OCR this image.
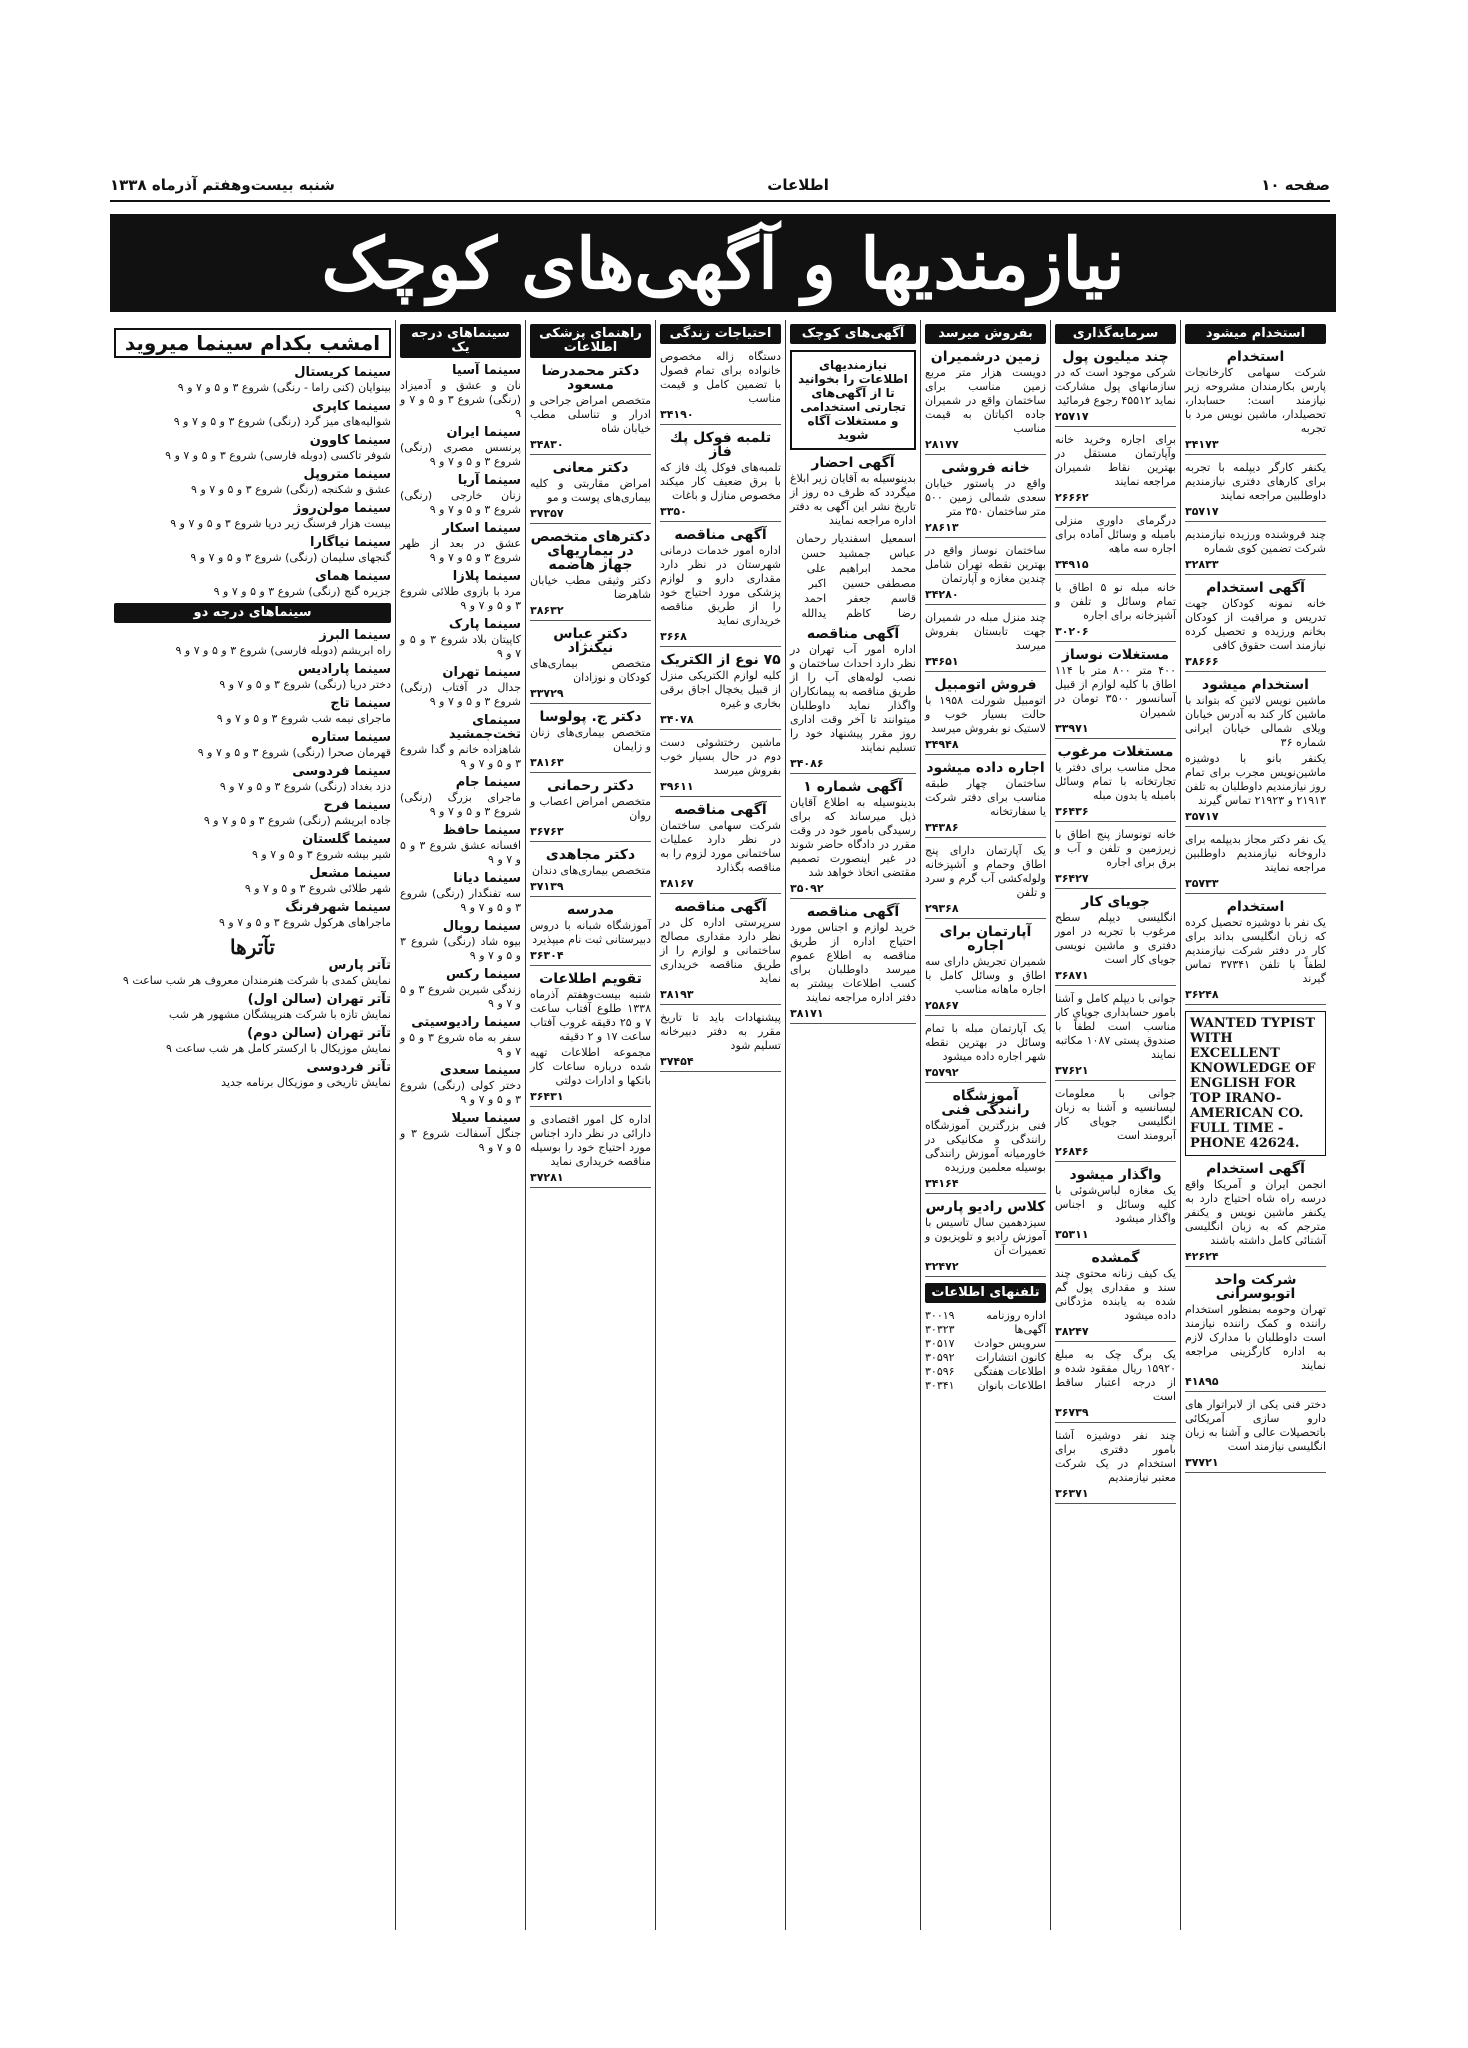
صفحه ۱۰
اطلاعات
شنبه بیست‌وهفتم آذرماه ۱۳۳۸
نیازمندیها و آگهی‌های کوچک
استخدام میشود
استخدام
شرکت سهامی کارخانجات پارس بکارمندان مشروحه زیر نیازمند است: حسابدار، تحصیلدار، ماشین نویس مرد با تجربه
۳۴۱۷۳
یکنفر کارگر دیپلمه با تجربه برای کارهای دفتری نیازمندیم داوطلبین مراجعه نمایند
۳۵۷۱۷
چند فروشنده ورزیده نیازمندیم شرکت تضمین کوی شماره
۳۲۸۳۳
آگهی استخدام
خانه نمونه کودکان جهت تدریس و مراقبت از کودکان بخانم ورزیده و تحصیل کرده نیازمند است حقوق کافی
۳۸۶۶۶
استخدام میشود
ماشین نویس لاتین که بتواند با ماشین کار کند به آدرس خیابان ویلای شمالی خیابان ایرانی شماره ۳۶
یکنفر بانو با دوشیزه ماشین‌نویس مجرب برای تمام روز نیازمندیم داوطلبان به تلفن ۲۱۹۱۳ و ۲۱۹۲۳ تماس گیرند
۳۵۷۱۷
یک نفر دکتر مجاز بدیپلمه برای داروخانه نیازمندیم داوطلبین مراجعه نمایند
۳۵۷۳۳
استخدام
یک نفر با دوشیزه تحصیل کرده که زبان انگلیسی بداند برای کار در دفتر شرکت نیازمندیم لطفاً با تلفن ۳۷۳۴۱ تماس گیرند
۳۶۲۴۸
WANTED TYPIST WITH EXCELLENT KNOWLEDGE OF ENGLISH FOR TOP IRANO-AMERICAN CO. FULL TIME - PHONE 42624.
آگهی استخدام
انجمن ایران و آمریکا واقع درسه راه شاه احتیاج دارد به یکنفر ماشین نویس و یکنفر مترجم که به زبان انگلیسی آشنائی کامل داشته باشند
۴۲۶۲۴
شرکت واحد اتوبوسرانی
تهران وحومه بمنظور استخدام راننده و کمک راننده نیازمند است داوطلبان با مدارک لازم به اداره کارگزینی مراجعه نمایند
۴۱۸۹۵
دختر فنی یکی از لابراتوار های دارو سازی آمریکائی باتحصیلات عالی و آشنا به زبان انگلیسی نیازمند است
۳۷۷۲۱
سرمایه‌گذاری
چند میلیون پول
شرکی موجود است که در سازمانهای پول مشارکت نماید ۴۵۵۱۲ رجوع فرمائید
۲۵۷۱۷
برای اجاره وخرید خانه وآپارتمان مستقل در بهترین نقاط شمیران مراجعه نمایند
۲۶۶۶۲
درگرمای داوری منزلی بامبله و وسائل آماده برای اجاره سه ماهه
۳۴۹۱۵
خانه مبله نو ۵ اطاق با تمام وسائل و تلفن و آشپزخانه برای اجاره
۳۰۲۰۶
مستغلات نوساز
۴۰۰ متر ۸۰۰ متر با ۱۱۴ اطاق با کلیه لوازم از قبیل آسانسور ۳۵۰۰ تومان در شمیران
۳۳۹۷۱
مستغلات مرغوب
محل مناسب برای دفتر یا تجارتخانه با تمام وسائل بامبله یا بدون مبله
۳۶۴۳۶
خانه تونوساز پنج اطاق با زیرزمین و تلفن و آب و برق برای اجاره
۳۶۴۲۷
جویای کار
انگلیسی دیپلم سطح مرغوب با تجربه در امور دفتری و ماشین نویسی جویای کار است
۳۶۸۷۱
جوانی با دیپلم کامل و آشنا بامور حسابداری جویای کار مناسب است لطفاً با صندوق پستی ۱۰۸۷ مکاتبه نمایند
۳۷۶۲۱
جوانی با معلومات لیسانسیه و آشنا به زبان انگلیسی جویای کار آبرومند است
۲۶۸۴۶
واگذار میشود
یک مغازه لباس‌شوئی با کلیه وسائل و اجناس واگذار میشود
۳۵۳۱۱
گمشده
یک کیف زنانه محتوی چند سند و مقداری پول گم شده به یابنده مژدگانی داده میشود
۳۸۲۴۷
یک برگ چک به مبلغ ۱۵۹۲۰ ریال مفقود شده و از درجه اعتبار ساقط است
۳۶۷۳۹
چند نفر دوشیزه آشنا بامور دفتری برای استخدام در یک شرکت معتبر نیازمندیم
۳۶۳۷۱
بفروش میرسد
زمین درشمیران
دویست هزار متر مربع زمین مناسب برای ساختمان واقع در شمیران جاده اکباتان به قیمت مناسب
۲۸۱۷۷
خانه فروشی
واقع در پاستور خیابان سعدی شمالی زمین ۵۰۰ متر ساختمان ۳۵۰ متر
۲۸۶۱۳
ساختمان نوساز واقع در بهترین نقطه تهران شامل چندین مغازه و آپارتمان
۳۴۲۸۰
چند منزل مبله در شمیران جهت تابستان بفروش میرسد
۳۴۶۵۱
فروش اتومبیل
اتومبیل شورلت ۱۹۵۸ با حالت بسیار خوب و لاستیک نو بفروش میرسد
۳۴۹۴۸
اجاره داده میشود
ساختمان چهار طبقه مناسب برای دفتر شرکت یا سفارتخانه
۳۴۳۸۶
یک آپارتمان دارای پنج اطاق وحمام و آشپزخانه ولوله‌کشی آب گرم و سرد و تلفن
۲۹۳۶۸
آپارتمان برای اجاره
شمیران تجریش دارای سه اطاق و وسائل کامل با اجاره ماهانه مناسب
۲۵۸۶۷
یک آپارتمان مبله با تمام وسائل در بهترین نقطه شهر اجاره داده میشود
۳۵۷۹۲
آموزشگاه رانندگی فنی
فنی بزرگترین آموزشگاه رانندگی و مکانیکی در خاورمیانه آموزش رانندگی بوسیله معلمین ورزیده
۳۴۱۶۴
کلاس رادیو پارس
سیزدهمین سال تاسیس با آموزش رادیو و تلویزیون و تعمیرات آن
۳۲۴۷۲
تلفنهای اطلاعات
اداره روزنامه
۳۰۰۱۹
آگهی‌ها
۳۰۳۲۳
سرویس حوادث
۳۰۵۱۷
کانون انتشارات
۳۰۵۹۲
اطلاعات هفتگی
۳۰۵۹۶
اطلاعات بانوان
۳۰۳۴۱
آگهی‌های کوچک
نیازمندیهای اطلاعات را بخوانید تا از آگهی‌های تجارتی استخدامی و مستغلات آگاه شوید
آگهی احضار
بدینوسیله به آقایان زیر ابلاغ میگردد که ظرف ده روز از تاریخ نشر این آگهی به دفتر اداره مراجعه نمایند
اسمعیل
اسفندیار
رحمان
عباس
جمشید
حسن
محمد
ابراهیم
علی
مصطفی
حسین
اکبر
قاسم
جعفر
احمد
رضا
کاظم
یدالله
آگهی مناقصه
اداره امور آب تهران در نظر دارد احداث ساختمان و نصب لوله‌های آب را از طریق مناقصه به پیمانکاران واگذار نماید داوطلبان میتوانند تا آخر وقت اداری روز مقرر پیشنهاد خود را تسلیم نمایند
۳۴۰۸۶
آگهی شماره ۱
بدینوسیله به اطلاع آقایان ذیل میرساند که برای رسیدگی بامور خود در وقت مقرر در دادگاه حاضر شوند در غیر اینصورت تصمیم مقتضی اتخاذ خواهد شد
۳۵۰۹۲
آگهی مناقصه
خرید لوازم و اجناس مورد احتیاج اداره از طریق مناقصه به اطلاع عموم میرسد داوطلبان برای کسب اطلاعات بیشتر به دفتر اداره مراجعه نمایند
۳۸۱۷۱
احتیاجات زندگی
دستگاه زاله مخصوص خانواده برای تمام فصول با تضمین کامل و قیمت مناسب
۳۴۱۹۰
تلمبه فوکل پك فاز
تلمبه‌های فوکل پك فاز که با برق ضعیف کار میکند مخصوص منازل و باغات
۳۳۵۰
آگهی مناقصه
اداره امور خدمات درمانی شهرستان در نظر دارد مقداری دارو و لوازم پزشکی مورد احتیاج خود را از طریق مناقصه خریداری نماید
۳۶۶۸
۷۵ نوع از الکتریک
کلیه لوازم الکتریکی منزل از قبیل یخچال اجاق برقی بخاری و غیره
۳۴۰۷۸
ماشین رختشوئی دست دوم در حال بسیار خوب بفروش میرسد
۳۹۶۱۱
آگهی مناقصه
شرکت سهامی ساختمان در نظر دارد عملیات ساختمانی مورد لزوم را به مناقصه بگذارد
۳۸۱۶۷
آگهی مناقصه
سرپرستی اداره کل در نظر دارد مقداری مصالح ساختمانی و لوازم را از طریق مناقصه خریداری نماید
۳۸۱۹۳
پیشنهادات باید تا تاریخ مقرر به دفتر دبیرخانه تسلیم شود
۳۷۴۵۴
راهنمای پزشکی اطلاعات
دکتر محمدرضا مسعود
متخصص امراض جراحی و ادرار و تناسلی مطب خیابان شاه
۳۴۸۳۰
دکتر معانی
امراض مقاربتی و کلیه بیماری‌های پوست و مو
۳۷۳۵۷
دکترهای متخصص در بیماریهای جهاز هاضمه
دکتر وثیقی مطب خیابان شاهرضا
۳۸۶۳۲
دکتر عباس نیکنژاد
متخصص بیماری‌های کودکان و نوزادان
۳۳۷۲۹
دکتر ج. پولوسا
متخصص بیماری‌های زنان و زایمان
۳۸۱۶۳
دکتر رحمانی
متخصص امراض اعصاب و روان
۳۶۷۶۳
دکتر مجاهدی
متخصص بیماری‌های دندان
۳۷۱۳۹
مدرسه
آموزشگاه شبانه با دروس دبیرستانی ثبت نام میپذیرد
۳۶۳۰۴
تقویم اطلاعات
شنبه بیست‌وهفتم آذرماه ۱۳۳۸ طلوع آفتاب ساعت ۷ و ۲۵ دقیقه غروب آفتاب ساعت ۱۷ و ۲ دقیقه
مجموعه اطلاعات تهیه شده درباره ساعات کار بانکها و ادارات دولتی
۳۶۴۳۱
اداره کل امور اقتصادی و دارائی در نظر دارد اجناس مورد احتیاج خود را بوسیله مناقصه خریداری نماید
۳۷۲۸۱
سینماهای درجه یک
سینما آسیا
نان و عشق و آدمیزاد (رنگی) شروع ۳ و ۵ و ۷ و ۹
سینما ایران
پرنسس مصری (رنگی) شروع ۳ و ۵ و ۷ و ۹
سینما آریا
زنان خارجی (رنگی) شروع ۳ و ۵ و ۷ و ۹
سینما اسکار
عشق در بعد از ظهر شروع ۳ و ۵ و ۷ و ۹
سینما پلازا
مرد با بازوی طلائی شروع ۳ و ۵ و ۷ و ۹
سینما پارک
کاپیتان بلاد شروع ۳ و ۵ و ۷ و ۹
سینما تهران
جدال در آفتاب (رنگی) شروع ۳ و ۵ و ۷ و ۹
سینمای تخت‌جمشید
شاهزاده خانم و گدا شروع ۳ و ۵ و ۷ و ۹
سینما جام
ماجرای بزرگ (رنگی) شروع ۳ و ۵ و ۷ و ۹
سینما حافظ
افسانه عشق شروع ۳ و ۵ و ۷ و ۹
سینما دیانا
سه تفنگدار (رنگی) شروع ۳ و ۵ و ۷ و ۹
سینما رویال
بیوه شاد (رنگی) شروع ۳ و ۵ و ۷ و ۹
سینما رکس
زندگی شیرین شروع ۳ و ۵ و ۷ و ۹
سینما رادیوسیتی
سفر به ماه شروع ۳ و ۵ و ۷ و ۹
سینما سعدی
دختر کولی (رنگی) شروع ۳ و ۵ و ۷ و ۹
سینما سیلا
جنگل آسفالت شروع ۳ و ۵ و ۷ و ۹
امشب بکدام سینما میروید
سینما کریستال
بینوایان (کنی راما - رنگی) شروع ۳ و ۵ و ۷ و ۹
سینما کاپری
شوالیه‌های میز گرد (رنگی) شروع ۳ و ۵ و ۷ و ۹
سینما کاوون
شوفر تاکسی (دوبله فارسی) شروع ۳ و ۵ و ۷ و ۹
سینما متروپل
عشق و شکنجه (رنگی) شروع ۳ و ۵ و ۷ و ۹
سینما مولن‌روژ
بیست هزار فرسنگ زیر دریا شروع ۳ و ۵ و ۷ و ۹
سینما نیاگارا
گنجهای سلیمان (رنگی) شروع ۳ و ۵ و ۷ و ۹
سینما همای
جزیره گنج (رنگی) شروع ۳ و ۵ و ۷ و ۹
سینماهای درجه دو
سینما البرز
راه ابریشم (دوبله فارسی) شروع ۳ و ۵ و ۷ و ۹
سینما پارادیس
دختر دریا (رنگی) شروع ۳ و ۵ و ۷ و ۹
سینما تاج
ماجرای نیمه شب شروع ۳ و ۵ و ۷ و ۹
سینما ستاره
قهرمان صحرا (رنگی) شروع ۳ و ۵ و ۷ و ۹
سینما فردوسی
دزد بغداد (رنگی) شروع ۳ و ۵ و ۷ و ۹
سینما فرح
جاده ابریشم (رنگی) شروع ۳ و ۵ و ۷ و ۹
سینما گلستان
شیر بیشه شروع ۳ و ۵ و ۷ و ۹
سینما مشعل
شهر طلائی شروع ۳ و ۵ و ۷ و ۹
سینما شهرفرنگ
ماجراهای هرکول شروع ۳ و ۵ و ۷ و ۹
تآترها
تآتر پارس
نمایش کمدی با شرکت هنرمندان معروف هر شب ساعت ۹
تآتر تهران (سالن اول)
نمایش تازه با شرکت هنرپیشگان مشهور هر شب
تآتر تهران (سالن دوم)
نمایش موزیکال با ارکستر کامل هر شب ساعت ۹
تآتر فردوسی
نمایش تاریخی و موزیکال برنامه جدید
